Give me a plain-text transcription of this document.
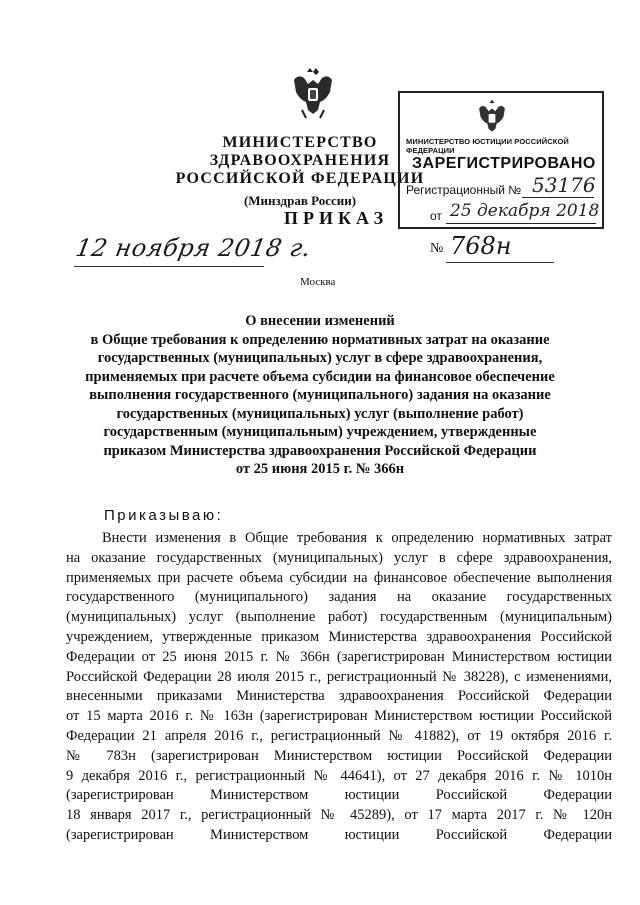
МИНИСТЕРСТВО ЗДРАВООХРАНЕНИЯ
РОССИЙСКОЙ ФЕДЕРАЦИИ
(Минздрав России)
МИНИСТЕРСТВО ЮСТИЦИИ РОССИЙСКОЙ ФЕДЕРАЦИИ
ЗАРЕГИСТРИРОВАНО
Регистрационный № 53176
от 25 декабря 2018
ПРИКАЗ
12 ноября 2018 г.	№ 768н
Москва
О внесении изменений
в Общие требования к определению нормативных затрат на оказание
государственных (муниципальных) услуг в сфере здравоохранения,
применяемых при расчете объема субсидии на финансовое обеспечение
выполнения государственного (муниципального) задания на оказание
государственных (муниципальных) услуг (выполнение работ)
государственным (муниципальным) учреждением, утвержденные
приказом Министерства здравоохранения Российской Федерации
от 25 июня 2015 г. № 366н
Приказываю:
Внести изменения в Общие требования к определению нормативных затрат
на оказание государственных (муниципальных) услуг в сфере здравоохранения,
применяемых при расчете объема субсидии на финансовое обеспечение выполнения
государственного (муниципального) задания на оказание государственных
(муниципальных) услуг (выполнение работ) государственным (муниципальным)
учреждением, утвержденные приказом Министерства здравоохранения Российской
Федерации от 25 июня 2015 г. № 366н (зарегистрирован Министерством юстиции
Российской Федерации 28 июля 2015 г., регистрационный № 38228), с изменениями,
внесенными приказами Министерства здравоохранения Российской Федерации
от 15 марта 2016 г. № 163н (зарегистрирован Министерством юстиции Российской
Федерации 21 апреля 2016 г., регистрационный № 41882), от 19 октября 2016 г.
№ 783н (зарегистрирован Министерством юстиции Российской Федерации
9 декабря 2016 г., регистрационный № 44641), от 27 декабря 2016 г. № 1010н
(зарегистрирован Министерством юстиции Российской Федерации
18 января 2017 г., регистрационный № 45289), от 17 марта 2017 г. № 120н
(зарегистрирован Министерством юстиции Российской Федерации
